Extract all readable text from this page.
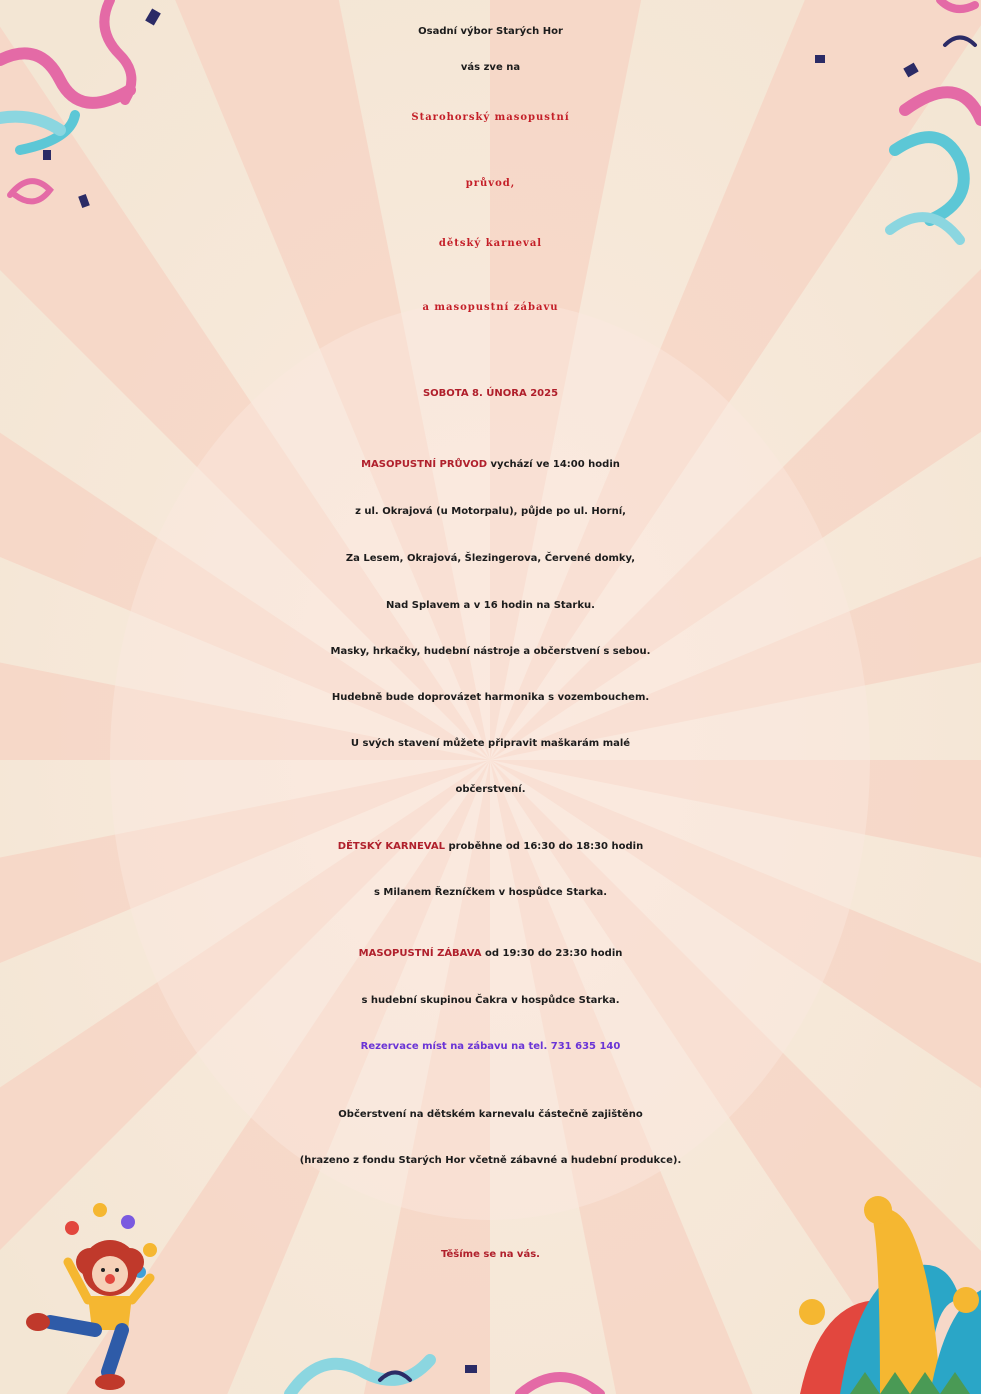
Osadní výbor Starých Hor
vás zve na
Starohorský masopustní
průvod,
dětský karneval
a masopustní zábavu
SOBOTA 8. ÚNORA 2025
MASOPUSTNÍ PRŮVOD vychází ve 14:00 hodin
z ul. Okrajová (u Motorpalu), půjde po ul. Horní,
Za Lesem, Okrajová, Šlezingerova, Červené domky,
Nad Splavem a v 16 hodin na Starku.
Masky, hrkačky, hudební nástroje a občerstvení s sebou.
Hudebně bude doprovázet harmonika s vozembouchem.
U svých stavení můžete připravit maškarám malé
občerstvení.
DĚTSKÝ KARNEVAL proběhne od 16:30 do 18:30 hodin
s Milanem Řezníčkem v hospůdce Starka.
MASOPUSTNÍ ZÁBAVA od 19:30 do 23:30 hodin
s hudební skupinou Čakra v hospůdce Starka.
Rezervace míst na zábavu na tel. 731 635 140
Občerstvení na dětském karnevalu částečně zajištěno
(hrazeno z fondu Starých Hor včetně zábavné a hudební produkce).
Těšíme se na vás.
